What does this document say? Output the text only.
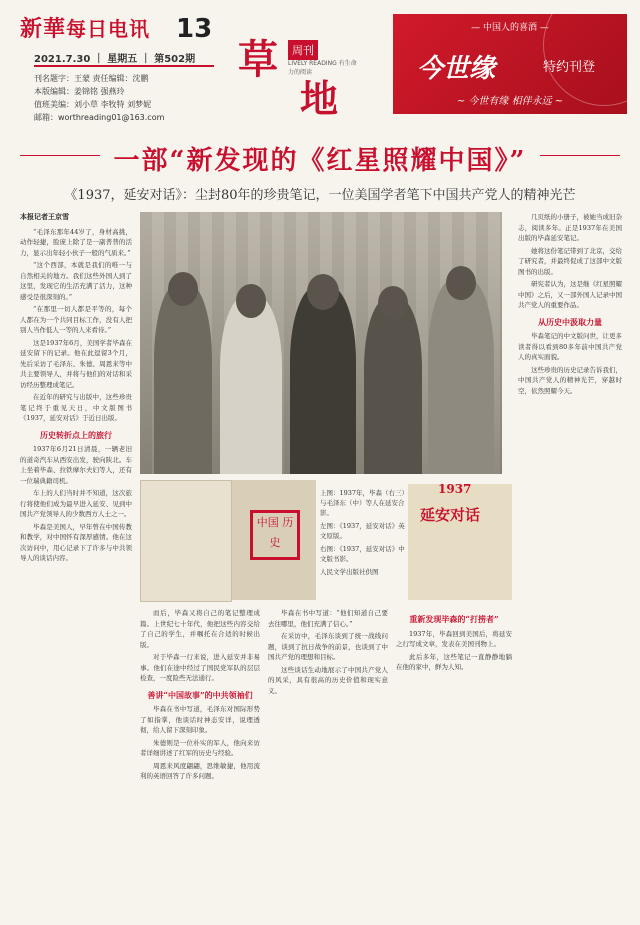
新華每日电讯 13
2021.7.30 ｜ 星期五 ｜ 第502期
刊名题字：王蒙 责任编辑：沈鹏
本版编辑：姜锦铭 强燕玲
值班美编：刘小草 李牧特 刘梦妮
邮箱：worthreading01@163.com
草	周刊
LIVELY READING 有生命力的阅读
地
— 中国人的喜酒 —
今世缘	特约刊登
~ 今世有缘 相伴永远 ~
一部“新发现的《红星照耀中国》”
《1937，延安对话》：尘封80年的珍贵笔记，一位美国学者笔下中国共产党人的精神光芒

本报记者王京雪

“毛泽东那年44岁了，身材高挑，动作轻捷，脸庞上除了是一副普普的活力，显示出年轻小伙子一般的气质来。”

“这个西部，本就是我们的唯一与自然相关的地方。我们这些外国人到了这里，发现它的生活充满了活力，这种感受是很深刻的。”

“在那里一切人都是平等的，每个人都在为一个共同目标工作，没有人把别人当作低人一等的人来看待。”

这是1937年6月，美国学者毕森在延安留下的记录。他在此逗留3个月，先后采访了毛泽东、朱德、周恩来等中共主要领导人，并将与他们的对话和采访经历整理成笔记。

在近年的研究与出版中，这些珍贵笔记终于重见天日，中文版图书《1937，延安对话》于近日出版。

历史转折点上的旅行

1937年6月21日清晨，一辆老旧的道奇汽车从西安出发，驶向陕北。车上坐着毕森、拉铁摩尔夫妇等人，还有一位瑞典籍司机。

车上的人们当时并不知道，这次旅行将使他们成为最早进入延安、见到中国共产党领导人的少数西方人士之一。

毕森是美国人，早年曾在中国传教和教学，对中国怀有深厚感情。他在这次访问中，用心记录下了许多与中共领导人的谈话内容。

中国 历史
上图：1937年，毕森（右三）与毛泽东（中）等人在延安合影。
左图：《1937，延安对话》英文原版。
右图：《1937，延安对话》中文版书影。
人民文学出版社供图
1937
延安对话

而后，毕森又将自己的笔记整理成篇。上世纪七十年代，他把这些内容交给了自己的学生，并嘱托在合适的时候出版。

对于毕森一行来说，进入延安并非易事。他们在途中经过了国民党军队的层层检查，一度险些无法通行。

善讲“中国故事”的中共领袖们

毕森在书中写道，毛泽东对国际形势了如指掌，他谈话时神态安详，说理透彻，给人留下深刻印象。

朱德则是一位朴实的军人，他向来访者详细讲述了红军的历史与经验。

周恩来风度翩翩，思维敏捷，他用流利的英语回答了许多问题。

毕森在书中写道：“他们知道自己要去往哪里，他们充满了信心。”

在采访中，毛泽东谈到了统一战线问题，谈到了抗日战争的前景，也谈到了中国共产党的理想和目标。

这些谈话生动地展示了中国共产党人的风采，具有很高的历史价值和现实意义。

重新发现毕森的“打捞者”

1937年，毕森回到美国后，将延安之行写成文章，发表在美国刊物上。

此后多年，这些笔记一直静静地躺在他的家中，鲜为人知。

几页纸的小册子，被她当成旧杂志，阅读多年。正是1937年在美国出版的毕森延安笔记。

她将这份笔记带到了北京，交给了研究者，并最终促成了这部中文版图书的出版。

研究者认为，这是继《红星照耀中国》之后，又一部外国人记录中国共产党人的重要作品。

从历史中汲取力量

毕森笔记的中文版问世，让更多读者得以看到80多年前中国共产党人的真实面貌。

这些珍贵的历史记录告诉我们，中国共产党人的精神光芒，穿越时空，依然照耀今天。
